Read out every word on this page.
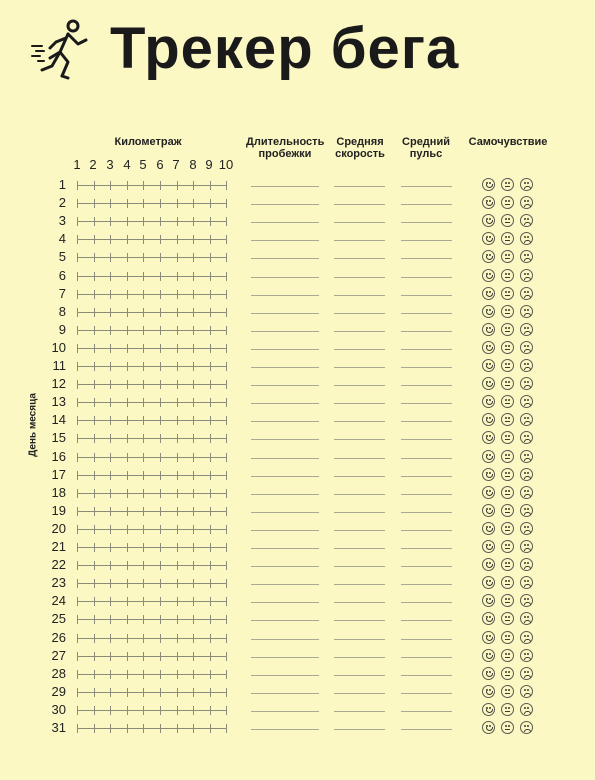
Трекер бега
Километраж	Длительность пробежки
Средняя скорость
Средний пульс
Самочувствие
1 2 3 4 5 6 7 8 9 10
День месяца
1
2
3
4
5
6
7
8
9
10
11
12
13
14
15
16
17
18
19
20
21
22
23
24
25
26
27
28
29
30
31
